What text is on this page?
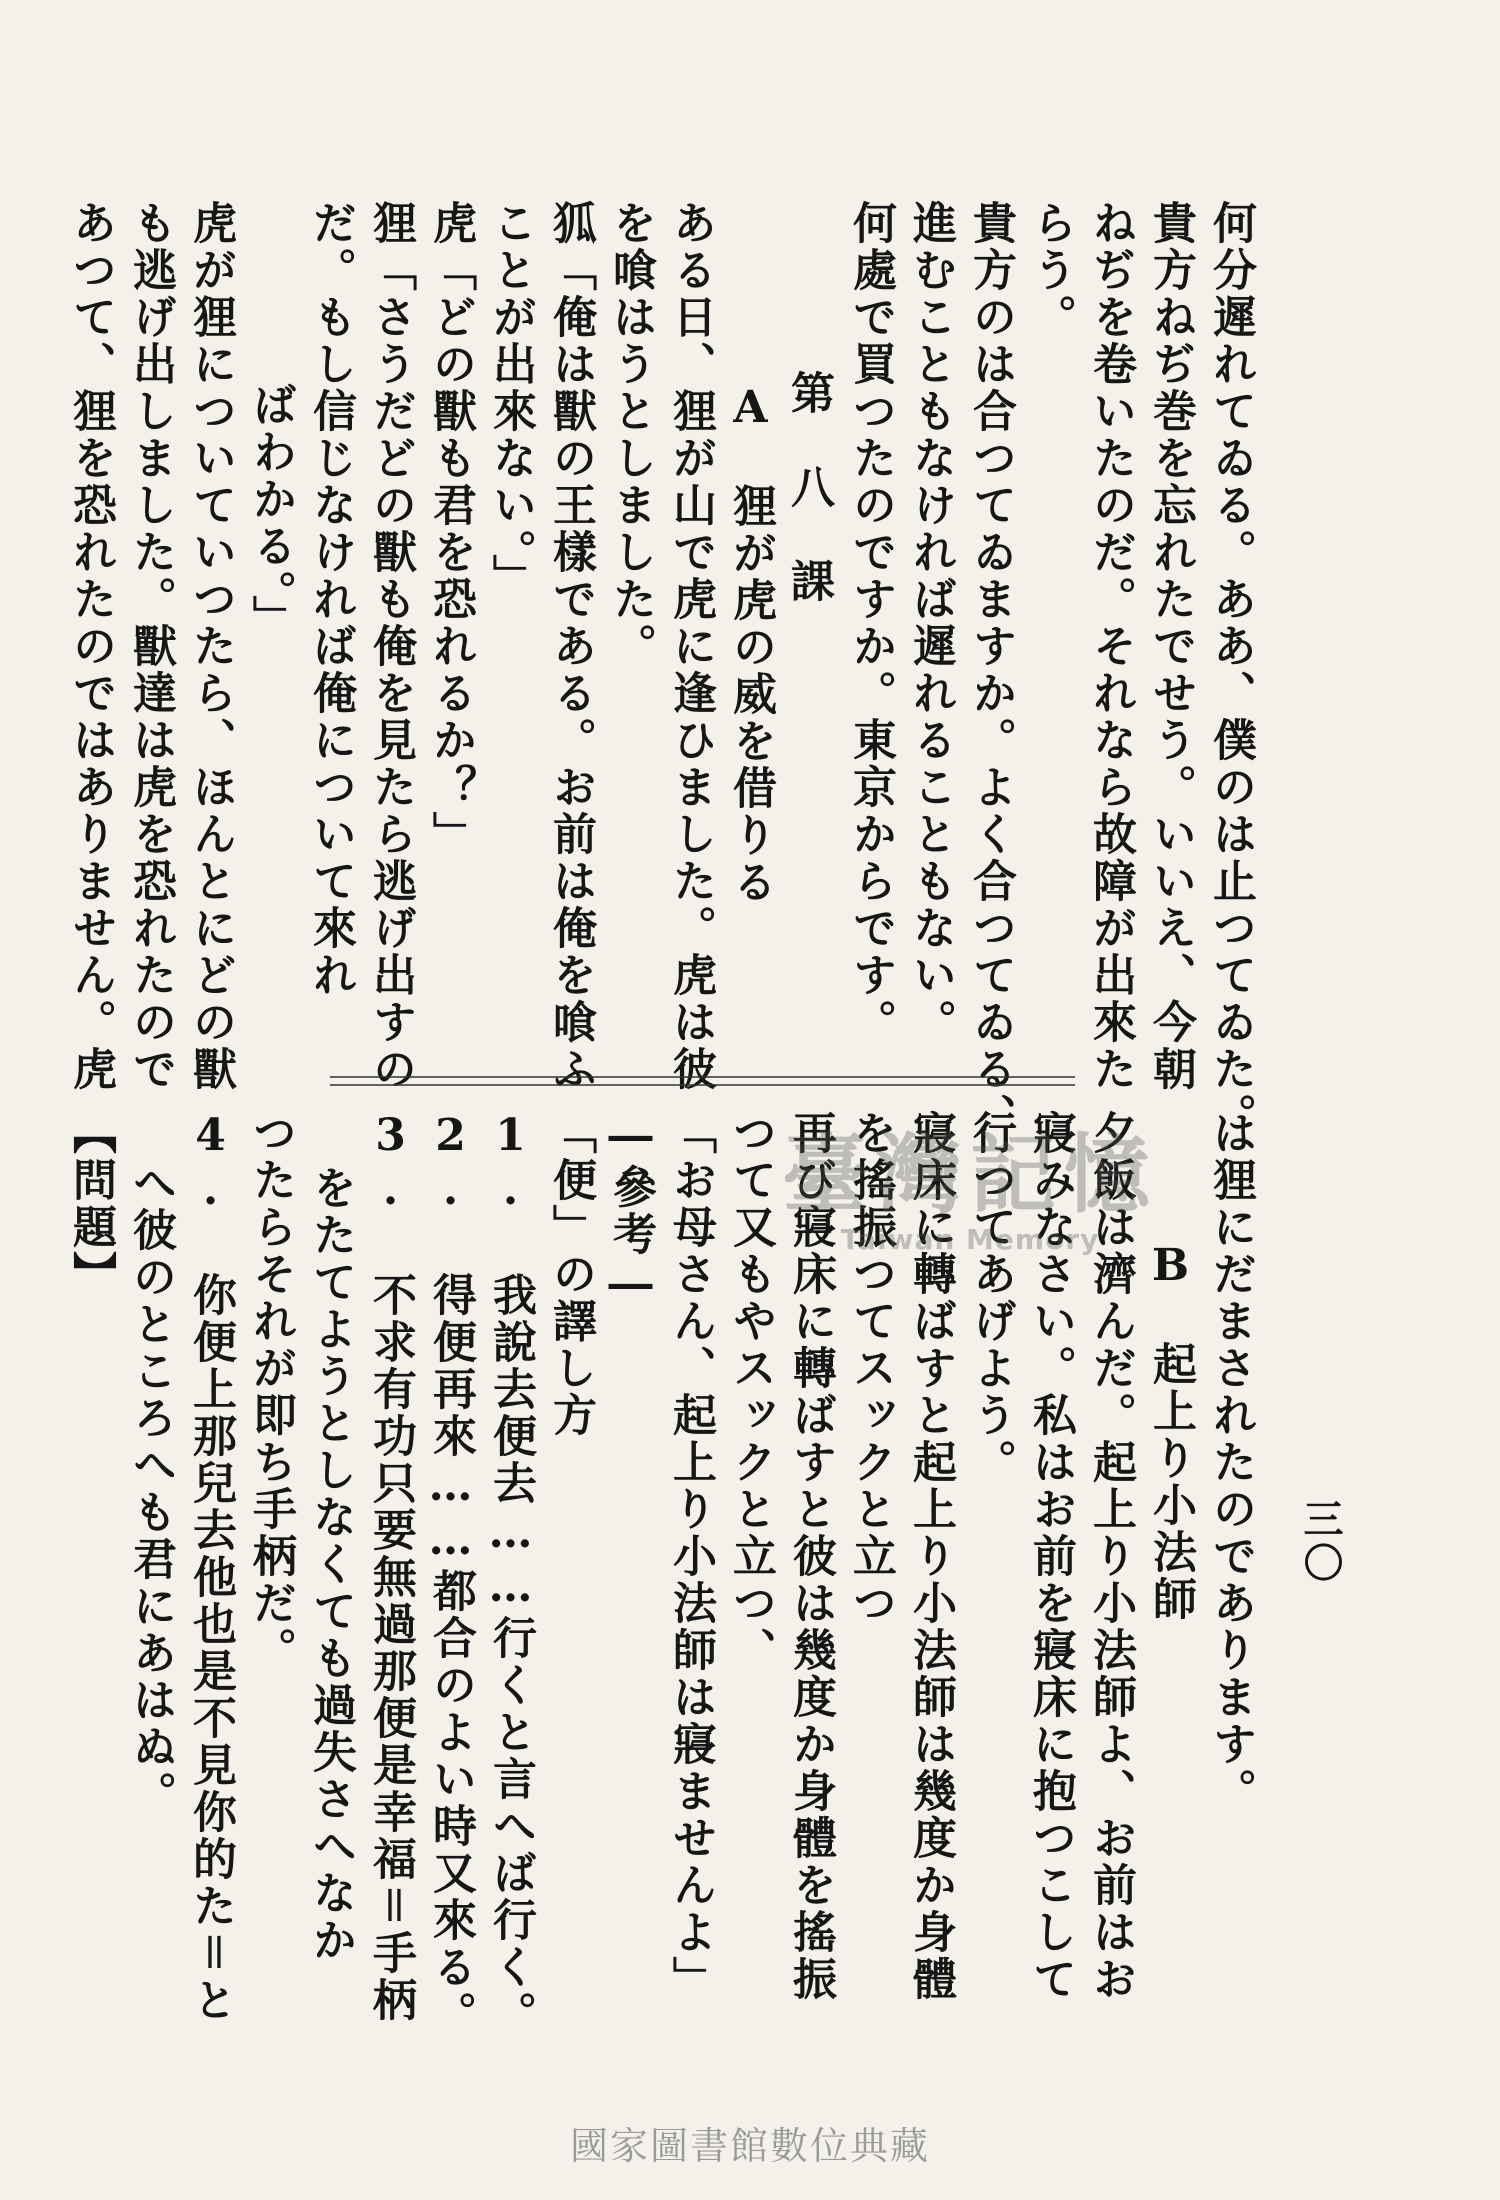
三〇
何分遲れてゐる。ああ、僕のは止つてゐた。
貴方ねぢ巻を忘れたでせう。いいえ、今朝
ねぢを卷いたのだ。それなら故障が出來た
らう。
貴方のは合つてゐますか。よく合つてゐる、
進むこともなければ遲れることもない。
何處で買つたのですか。東京からです。
第　八　課
A　狸が虎の威を借りる
ある日、狸が山で虎に逢ひました。虎は彼
を喰はうとしました。
狐「俺は獸の王樣である。お前は俺を喰ふ
ことが出來ない。」
虎「どの獸も君を恐れるか？」
狸「さうだどの獸も俺を見たら逃げ出すの
だ。もし信じなければ俺について來れ
ばわかる。」
虎が狸についていつたら、ほんとにどの獸
も逃げ出しました。獸達は虎を恐れたので
あつて、狸を恐れたのではありません。虎
は狸にだまされたのであります。
B　起上り小法師
夕飯は濟んだ。起上り小法師よ、お前はお
寢みなさい。私はお前を寢床に抱つこして
行つてあげよう。
寢床に轉ばすと起上り小法師は幾度か身體
を搖振つてスックと立つ
再び寢床に轉ばすと彼は幾度か身體を搖振
つて又もやスックと立つ、
「お母さん、起上り小法師は寢ませんよ」
―參考―
「便」の譯し方
1. 我說去便去……行くと言へば行く。
2. 得便再來……都合のよい時又來る。
3. 不求有功只要無過那便是幸福＝手柄
をたてようとしなくても過失さへなか
つたらそれが即ち手柄だ。
4. 你便上那兒去他也是不見你的た＝と
へ彼のところへも君にあはぬ。
【問題】	臺灣記憶
Taiwan Memory
國家圖書館數位典藏
